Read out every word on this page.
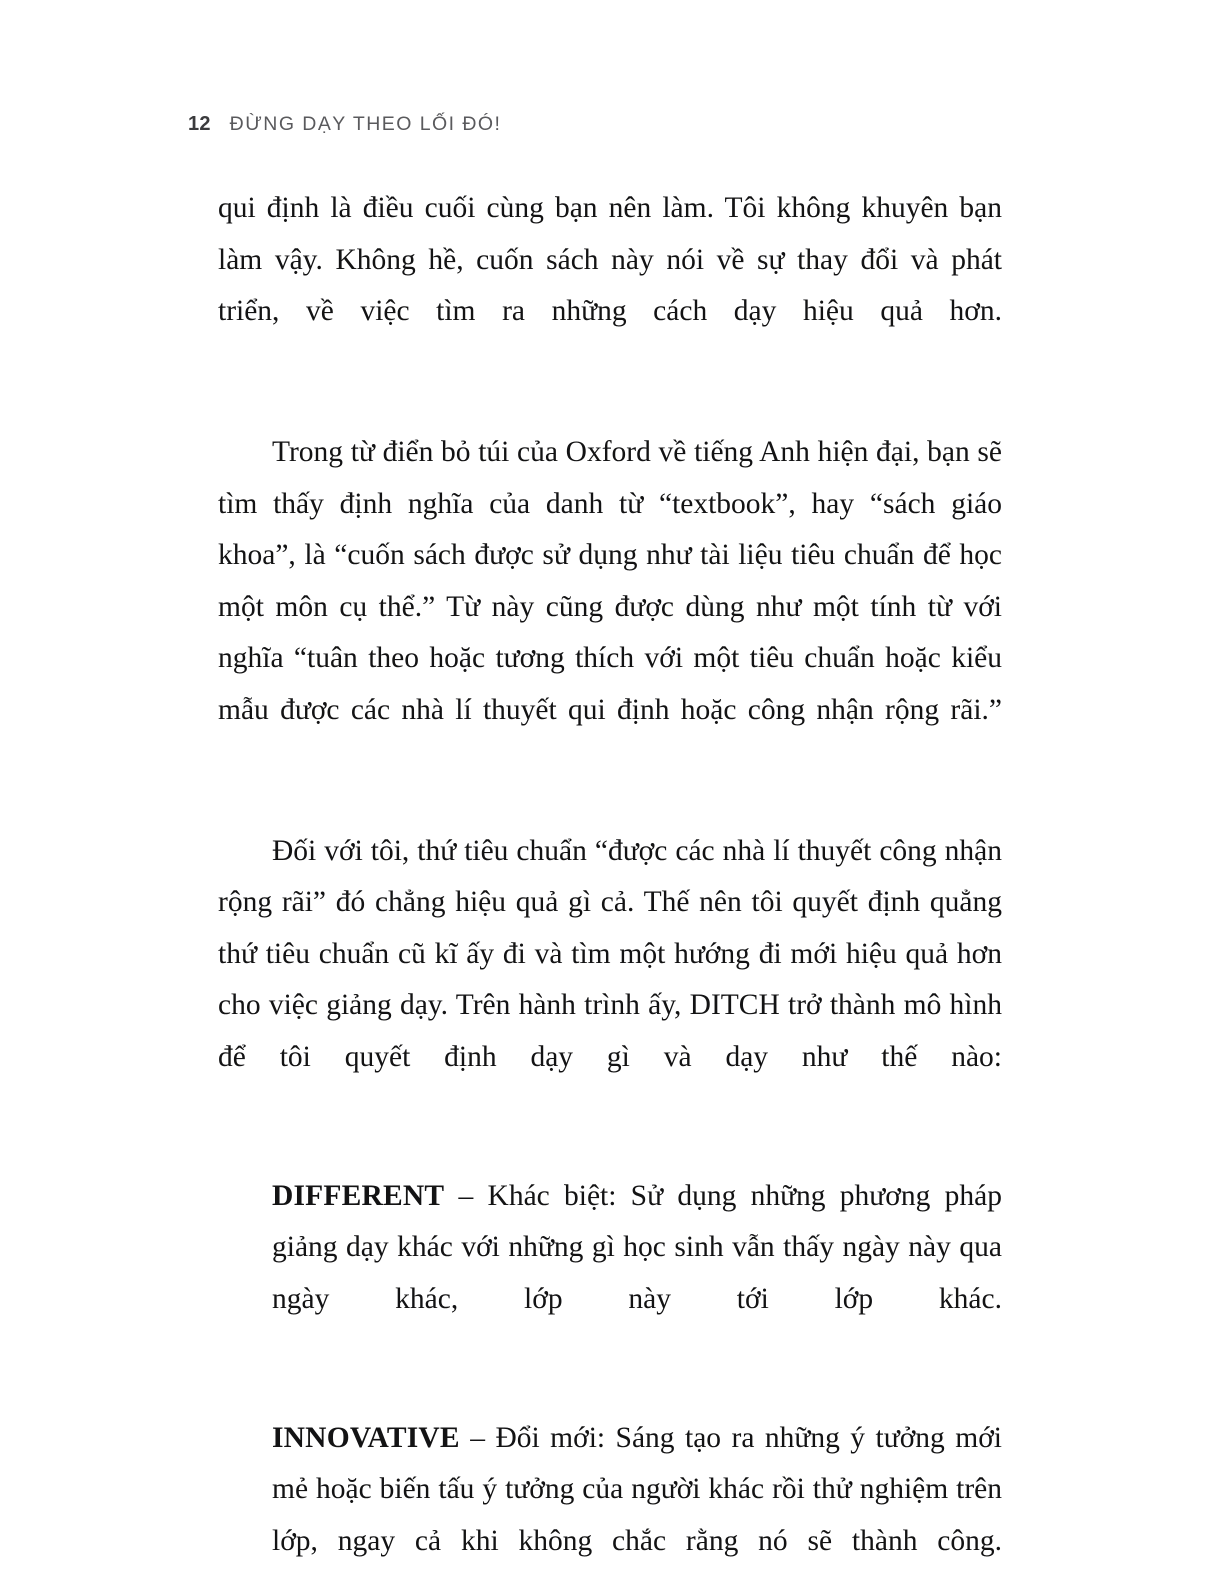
12 ĐỪNG DẠY THEO LỐI ĐÓ!

qui định là điều cuối cùng bạn nên làm. Tôi không khuyên bạn làm vậy. Không hề, cuốn sách này nói về sự thay đổi và phát triển, về việc tìm ra những cách dạy hiệu quả hơn.

Trong từ điển bỏ túi của Oxford về tiếng Anh hiện đại, bạn sẽ tìm thấy định nghĩa của danh từ “textbook”, hay “sách giáo khoa”, là “cuốn sách được sử dụng như tài liệu tiêu chuẩn để học một môn cụ thể.” Từ này cũng được dùng như một tính từ với nghĩa “tuân theo hoặc tương thích với một tiêu chuẩn hoặc kiểu mẫu được các nhà lí thuyết qui định hoặc công nhận rộng rãi.”

Đối với tôi, thứ tiêu chuẩn “được các nhà lí thuyết công nhận rộng rãi” đó chẳng hiệu quả gì cả. Thế nên tôi quyết định quẳng thứ tiêu chuẩn cũ kĩ ấy đi và tìm một hướng đi mới hiệu quả hơn cho việc giảng dạy. Trên hành trình ấy, DITCH trở thành mô hình để tôi quyết định dạy gì và dạy như thế nào:

DIFFERENT – Khác biệt: Sử dụng những phương pháp giảng dạy khác với những gì học sinh vẫn thấy ngày này qua ngày khác, lớp này tới lớp khác.

INNOVATIVE – Đổi mới: Sáng tạo ra những ý tưởng mới mẻ hoặc biến tấu ý tưởng của người khác rồi thử nghiệm trên lớp, ngay cả khi không chắc rằng nó sẽ thành công.
